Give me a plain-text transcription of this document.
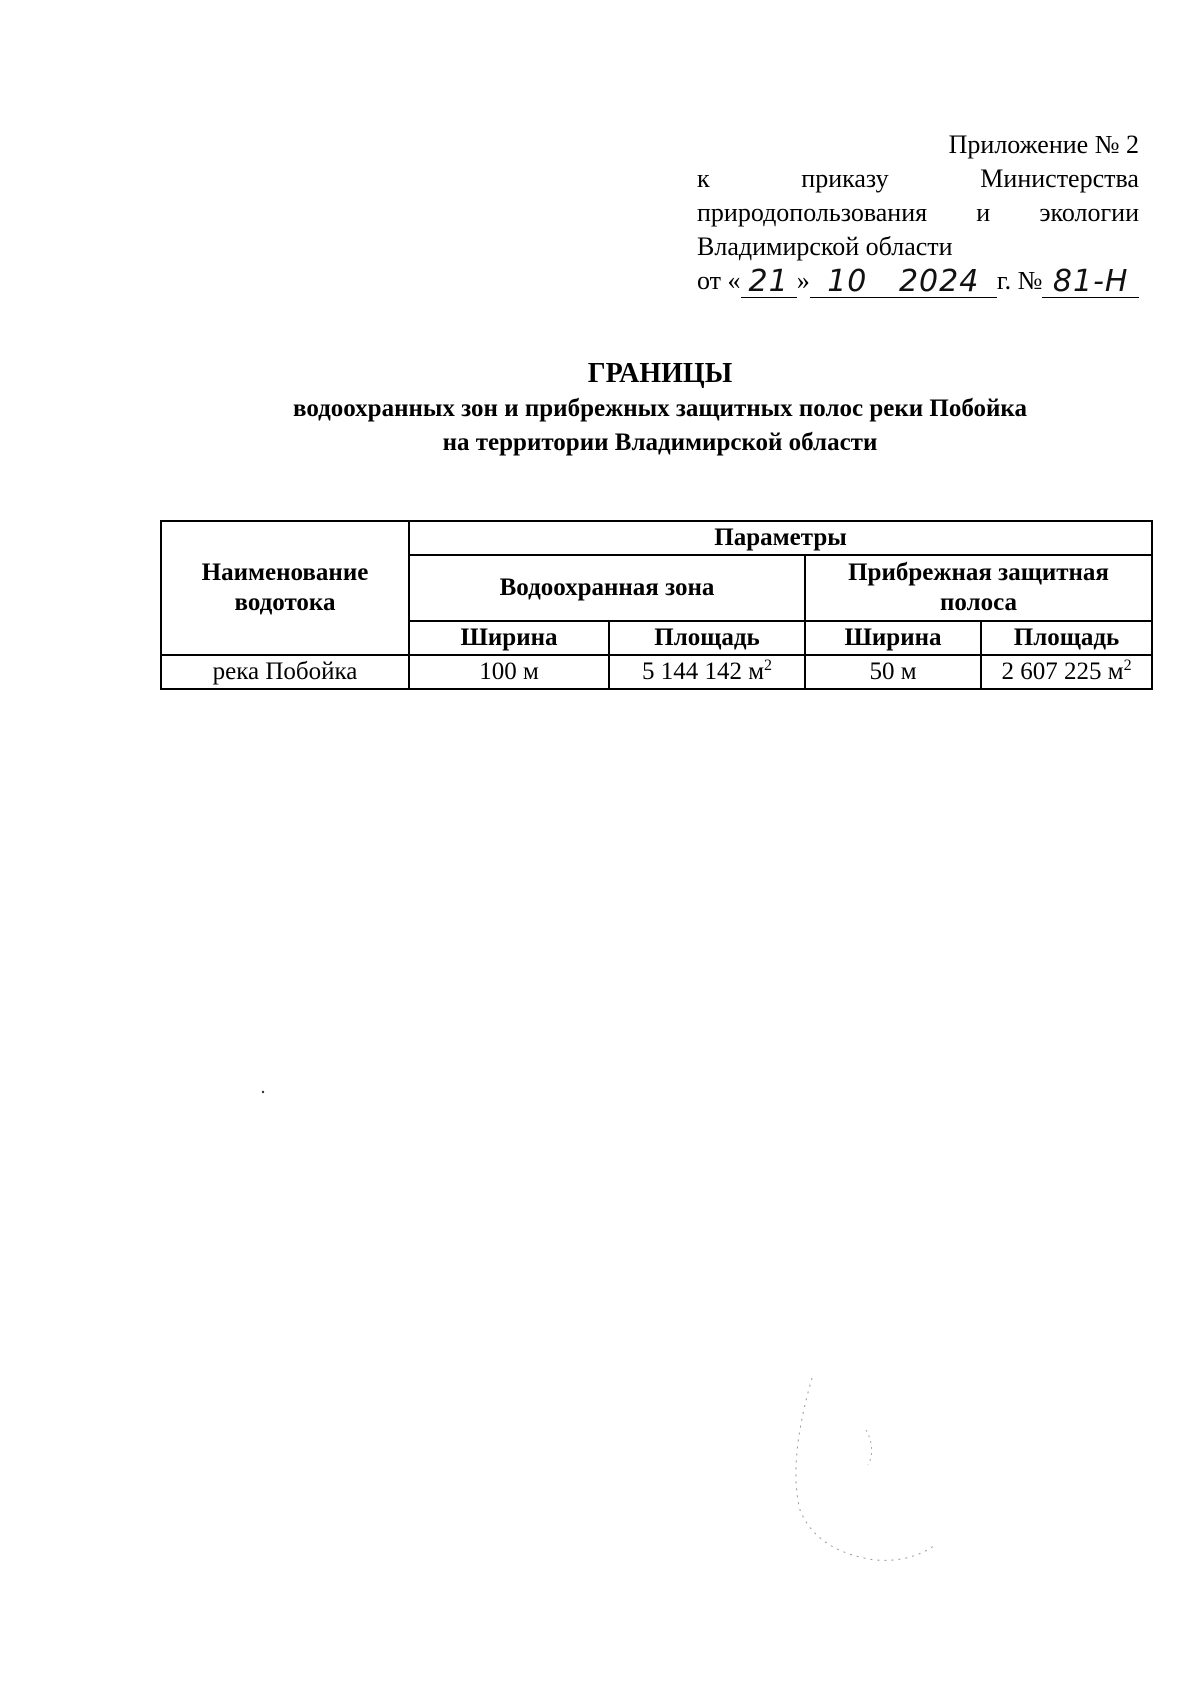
Приложение № 2
к	приказу	Министерства
природопользования и экологии
Владимирской области
от « 21 » 10   2024 г. № 81-Н
ГРАНИЦЫ
водоохранных зон и прибрежных защитных полос реки Побойка
на территории Владимирской области
Наименование водотока	Параметры			
	Водоохранная зона		Прибрежная защитная полоса	
	Ширина	Площадь	Ширина	Площадь
река Побойка	100 м	5 144 142 $м^2$	50 м	2 607 225 $м^2$
